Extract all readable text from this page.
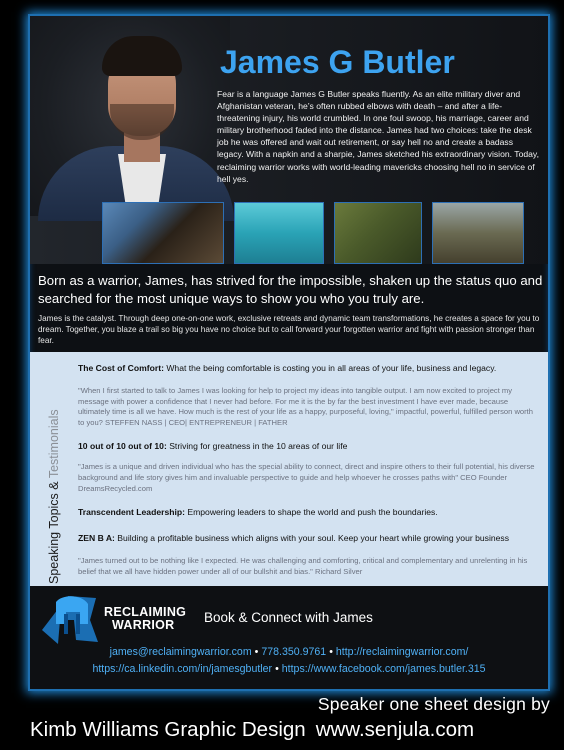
James G Butler
Fear is a language James G Butler speaks fluently. As an elite military diver and Afghanistan veteran, he’s often rubbed elbows with death – and after a life-threatening injury, his world crumbled. In one foul swoop, his marriage, career and military brotherhood faded into the distance. James had two choices: take the desk job he was offered and wait out retirement, or say hell no and create a badass legacy. With a napkin and a sharpie, James sketched his extraordinary vision. Today, reclaiming warrior works with world-leading mavericks choosing hell no in service of hell yes.
Born as a warrior, James, has strived for the impossible, shaken up the status quo and searched for the most unique ways to show you who you truly are.
James is the catalyst. Through deep one-on-one work, exclusive retreats and dynamic team transformations, he creates a space for you to dream. Together, you blaze a trail so big you have no choice but to call forward your forgotten warrior and fight with passion stronger than fear.
Speaking Topics & Testimonials
The Cost of Comfort: What the being comfortable is costing you in all areas of your life, business and legacy.
"When I first started to talk to James I was looking for help to project my ideas into tangible output. I am now excited to project my message with power a confidence that I never had before. For me it is the by far the best investment I have ever made, because ultimately time is all we have. How much is the rest of your life as a happy, purposeful, loving," impactful, powerful, fulfilled person worth to you? STEFFEN NASS | CEO| ENTREPRENEUR | FATHER
10 out of 10 out of 10: Striving for greatness in the 10 areas of our life
"James is a unique and driven individual who has the special ability to connect, direct and inspire others to their full potential, his diverse background and life story gives him and invaluable perspective to guide and help whoever he crosses paths with" CEO Founder DreamsRecycled.com
Transcendent Leadership: Empowering leaders to shape the world and push the boundaries.
ZEN B A: Building a profitable business which aligns with your soul. Keep your heart while growing your business
"James turned out to be nothing like I expected. He was challenging and comforting, critical and complementary and unrelenting in his belief that we all have hidden power under all of our bullshit and bias." Richard Silver
RECLAIMING
WARRIOR	Book & Connect with James
james@reclaimingwarrior.com • 778.350.9761 • http://reclaimingwarrior.com/
https://ca.linkedin.com/in/jamesgbutler • https://www.facebook.com/james.butler.315
Speaker one sheet design by
Kimb Williams Graphic Design www.senjula.com
